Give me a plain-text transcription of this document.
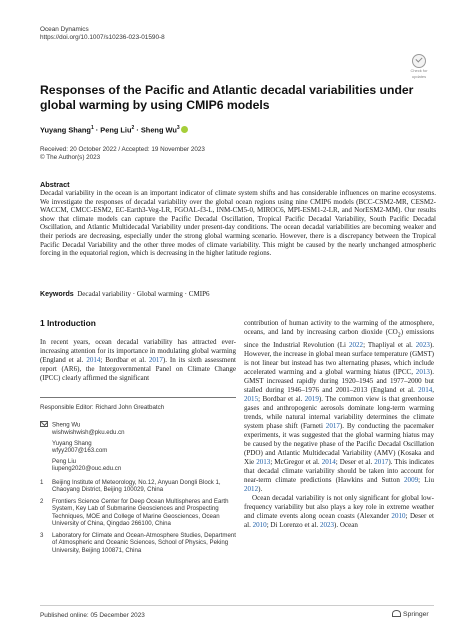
Ocean Dynamics
https://doi.org/10.1007/s10236-023-01590-8
Check for
updates
Responses of the Pacific and Atlantic decadal variabilities under global warming by using CMIP6 models
Yuyang Shang$^1$ · Peng Liu$^2$ · Sheng Wu$^3$
Received: 20 October 2022 / Accepted: 19 November 2023
© The Author(s) 2023
Abstract
Decadal variability in the ocean is an important indicator of climate system shifts and has considerable influences on marine ecosystems. We investigate the responses of decadal variability over the global ocean regions using nine CMIP6 models (BCC-CSM2-MR, CESM2-WACCM, CMCC-ESM2, EC-Earth3-Veg-LR, FGOAL-f3-L, INM-CM5-0, MIROC6, MPI-ESM1-2-LR, and NorESM2-MM). Our results show that climate models can capture the Pacific Decadal Oscillation, Tropical Pacific Decadal Variability, South Pacific Decadal Oscillation, and Atlantic Multidecadal Variability under present-day conditions. The ocean decadal variabilities are becoming weaker and their periods are decreasing, especially under the strong global warming scenario. However, there is a discrepancy between the Tropical Pacific Decadal Variability and the other three modes of climate variability. This might be caused by the nearly unchanged atmospheric forcing in the equatorial region, which is decreasing in the higher latitude regions.
Keywords Decadal variability · Global warming · CMIP6
1 Introduction
In recent years, ocean decadal variability has attracted ever-increasing attention for its importance in modulating global warming (England et al. 2014; Bordbar et al. 2017). In its sixth assessment report (AR6), the Intergovernmental Panel on Climate Change (IPCC) clearly affirmed the significant
Responsible Editor: Richard John Greatbatch
Sheng Wu
wishwishwish@pku.edu.cn
Yuyang Shang
wfyy2007@163.com
Peng Liu
liupeng2020@ouc.edu.cn
1	Beijing Institute of Meteorology, No.12, Anyuan Dongli Block 1, Chaoyang District, Beijing 100029, China
2	Frontiers Science Center for Deep Ocean Multispheres and Earth System, Key Lab of Submarine Geosciences and Prospecting Techniques, MOE and College of Marine Geosciences, Ocean University of China, Qingdao 266100, China
3	Laboratory for Climate and Ocean-Atmosphere Studies, Department of Atmospheric and Oceanic Sciences, School of Physics, Peking University, Beijing 100871, China

contribution of human activity to the warming of the atmosphere, oceans, and land by increasing carbon dioxide $(CO_2)$ emissions since the Industrial Revolution (Li 2022; Thapliyal et al. 2023). However, the increase in global mean surface temperature (GMST) is not linear but instead has two alternating phases, which include accelerated warming and a global warming hiatus (IPCC, 2013). GMST increased rapidly during 1920–1945 and 1977–2000 but stalled during 1946–1976 and 2001–2013 (England et al. 2014, 2015; Bordbar et al. 2019). The common view is that greenhouse gases and anthropogenic aerosols dominate long-term warming trends, while natural internal variability determines the climate system phase shift (Farneti 2017). By conducting the pacemaker experiments, it was suggested that the global warming hiatus may be caused by the negative phase of the Pacific Decadal Oscillation (PDO) and Atlantic Multidecadal Variability (AMV) (Kosaka and Xie 2013; McGregor et al. 2014; Deser et al. 2017). This indicates that decadal climate variability should be taken into account for near-term climate predictions (Hawkins and Sutton 2009; Liu 2012).

Ocean decadal variability is not only significant for global low-frequency variability but also plays a key role in extreme weather and climate events along ocean coasts (Alexander 2010; Deser et al. 2010; Di Lorenzo et al. 2023). Ocean

Published online: 05 December 2023	Springer
